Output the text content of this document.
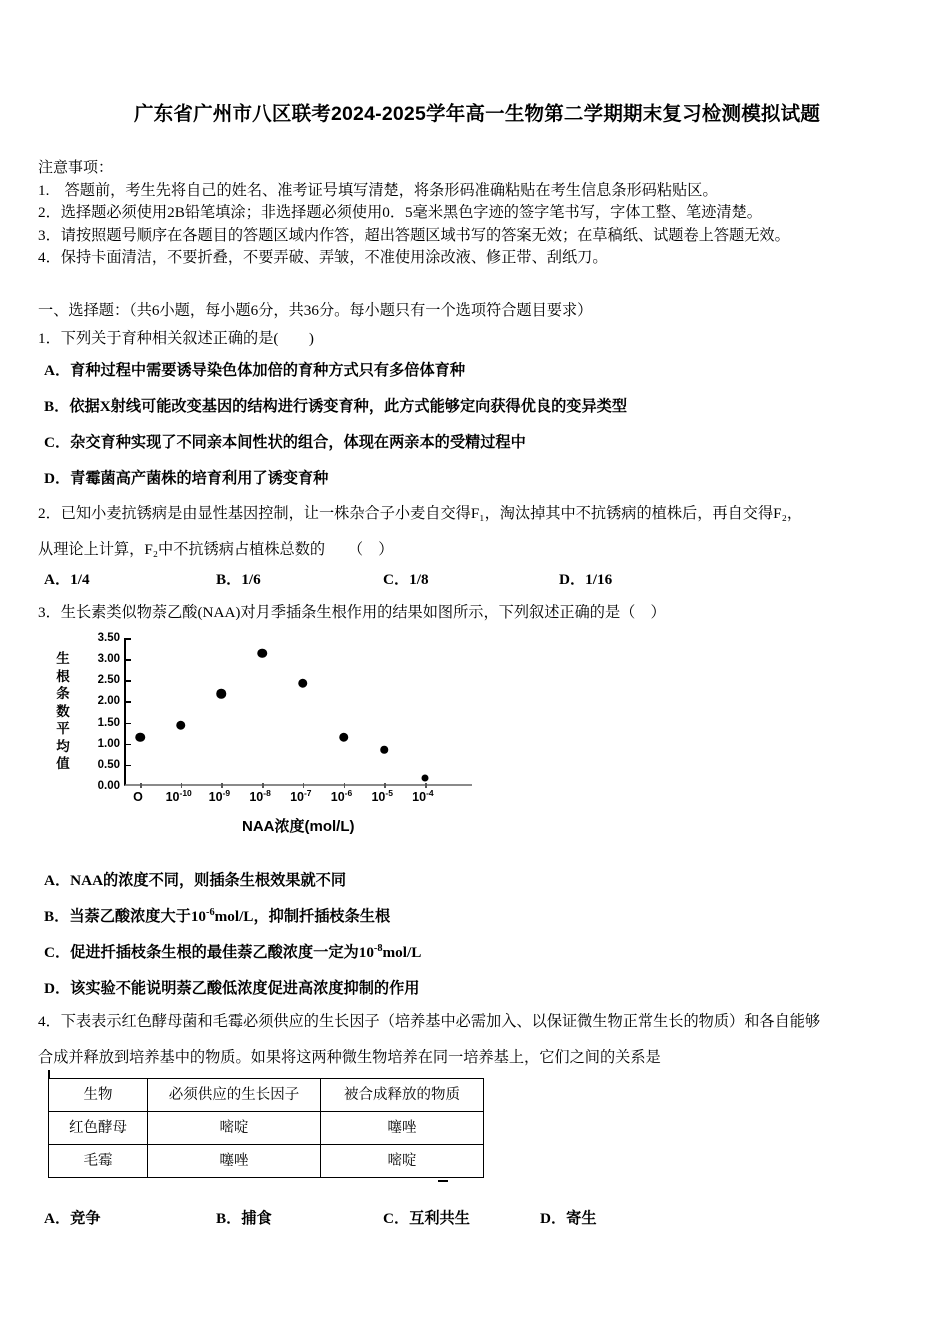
广东省广州市八区联考2024-2025学年高一生物第二学期期末复习检测模拟试题
注意事项：
1.　答题前，考生先将自己的姓名、准考证号填写清楚，将条形码准确粘贴在考生信息条形码粘贴区。
2．选择题必须使用2B铅笔填涂；非选择题必须使用0．5毫米黑色字迹的签字笔书写，字体工整、笔迹清楚。
3．请按照题号顺序在各题目的答题区域内作答，超出答题区域书写的答案无效；在草稿纸、试题卷上答题无效。
4．保持卡面清洁，不要折叠，不要弄破、弄皱，不准使用涂改液、修正带、刮纸刀。
一、选择题：（共6小题，每小题6分，共36分。每小题只有一个选项符合题目要求）
1．下列关于育种相关叙述正确的是(　　)
A．育种过程中需要诱导染色体加倍的育种方式只有多倍体育种
B．依据X射线可能改变基因的结构进行诱变育种，此方式能够定向获得优良的变异类型
C．杂交育种实现了不同亲本间性状的组合，体现在两亲本的受精过程中
D．青霉菌高产菌株的培育利用了诱变育种
2．已知小麦抗锈病是由显性基因控制，让一株杂合子小麦自交得F₁，淘汰掉其中不抗锈病的植株后，再自交得F₂，
从理论上计算，F₂中不抗锈病占植株总数的　　（　）
A．1/4	B．1/6	C．1/8	D．1/16
3．生长素类似物萘乙酸(NAA)对月季插条生根作用的结果如图所示，下列叙述正确的是（　）
生
根
条
数
平
均
值
0.00
0.50
1.00
1.50
2.00
2.50
3.00
3.50
O $10^{-10}$ $10^{-9}$ $10^{-8}$ $10^{-7}$ $10^{-6}$ $10^{-5}$ $10^{-4}$
NAA浓度(mol/L)
A．NAA的浓度不同，则插条生根效果就不同
B．当萘乙酸浓度大于$10^{-6}mol/L$，抑制扦插枝条生根
C．促进扦插枝条生根的最佳萘乙酸浓度一定为$10^{-8}mol/L$
D．该实验不能说明萘乙酸低浓度促进高浓度抑制的作用
4．下表表示红色酵母菌和毛霉必须供应的生长因子（培养基中必需加入、以保证微生物正常生长的物质）和各自能够
合成并释放到培养基中的物质。如果将这两种微生物培养在同一培养基上，它们之间的关系是
生物	必须供应的生长因子	被合成释放的物质
红色酵母	嘧啶	噻唑
毛霉	噻唑	嘧啶
A．竞争	B．捕食	C．互利共生	D．寄生
